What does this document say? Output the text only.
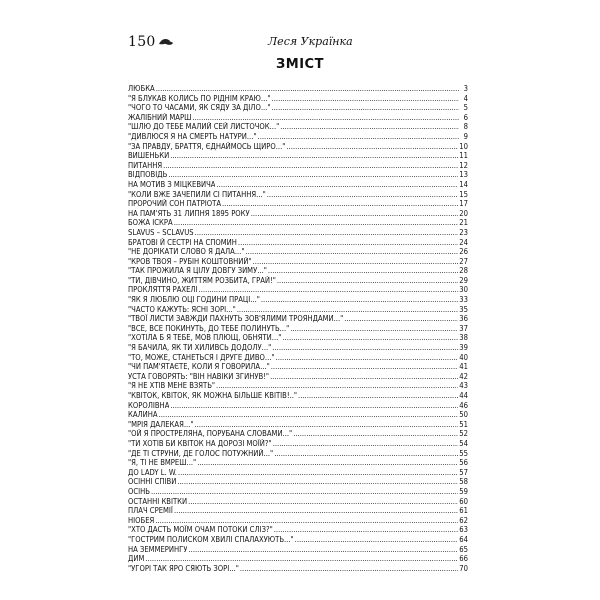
150	Леся Українка
ЗМІСТ
ЛЮБКА .....	3
"Я БЛУКАВ КОЛИСЬ ПО РІДНІМ КРАЮ..." .....	4
"ЧОГО ТО ЧАСАМИ, ЯК СЯДУ ЗА ДІЛО..." .....	5
ЖАЛІБНИЙ МАРШ .....	6
"ШЛЮ ДО ТЕБЕ МАЛИЙ СЕЙ ЛИСТОЧОК..." .....	8
"ДИВЛЮСЯ Я НА СМЕРТЬ НАТУРИ..." .....	9
"ЗА ПРАВДУ, БРАТТЯ, ЄДНАЙМОСЬ ЩИРО..." .....	10
ВИШЕНЬКИ .....	11
ПИТАННЯ .....	12
ВІДПОВІДЬ .....	13
НА МОТИВ З МІЦКЕВИЧА .....	14
"КОЛИ ВЖЕ ЗАЧЕПИЛИ СІ ПИТАННЯ..." .....	15
ПРОРОЧИЙ СОН ПАТРІОТА .....	17
НА ПАМ'ЯТЬ 31 ЛИПНЯ 1895 РОКУ .....	20
БОЖА ІСКРА .....	21
SLAVUS – SCLAVUS .....	23
БРАТОВІ Й СЕСТРІ НА СПОМИН .....	24
"НЕ ДОРІКАТИ СЛОВО Я ДАЛА..." .....	26
"КРОВ ТВОЯ – РУБІН КОШТОВНИЙ" .....	27
"ТАК ПРОЖИЛА Я ЦІЛУ ДОВГУ ЗИМУ..." .....	28
"ТИ, ДІВЧИНО, ЖИТТЯМ РОЗБИТА, ГРАЙ!" .....	29
ПРОКЛЯТТЯ РАХЕЛІ .....	30
"ЯК Я ЛЮБЛЮ ОЦІ ГОДИНИ ПРАЦІ..." .....	33
"ЧАСТО КАЖУТЬ: ЯСНІ ЗОРІ..." .....	35
"ТВОЇ ЛИСТИ ЗАВЖДИ ПАХНУТЬ ЗОВ'ЯЛИМИ ТРОЯНДАМИ..." .....	36
"ВСЕ, ВСЕ ПОКИНУТЬ, ДО ТЕБЕ ПОЛИНУТЬ..." .....	37
"ХОТІЛА Б Я ТЕБЕ, МОВ ПЛЮЩ, ОБНЯТИ..." .....	38
"Я БАЧИЛА, ЯК ТИ ХИЛИВСЬ ДОДОЛУ..." .....	39
"ТО, МОЖЕ, СТАНЕТЬСЯ І ДРУГЕ ДИВО..." .....	40
"ЧИ ПАМ'ЯТАЄТЕ, КОЛИ Я ГОВОРИЛА..." .....	41
УСТА ГОВОРЯТЬ: "ВІН НАВІКИ ЗГИНУВ!" .....	42
"Я НЕ ХТІВ МЕНЕ ВЗЯТЬ" .....	43
"КВІТОК, КВІТОК, ЯК МОЖНА БІЛЬШЕ КВІТІВ!.." .....	44
КОРОЛІВНА .....	46
КАЛИНА .....	50
"МРІЯ ДАЛЕКАЯ..." .....	51
"ОЙ Я ПРОСТРЕЛЯНА, ПОРУБАНА СЛОВАМИ..." .....	52
"ТИ ХОТІВ БИ КВІТОК НА ДОРОЗІ МОЇЙ?" .....	54
"ДЕ ТІ СТРУНИ, ДЕ ГОЛОС ПОТУЖНИЙ..." .....	55
"Я, ТІ НЕ ВМРЕШ..." .....	56
ДО LADY L. W. .....	57
ОСІННІ СПІВИ .....	58
ОСІНЬ .....	59
ОСТАННІ КВІТКИ .....	60
ПЛАЧ СРЕМІЇ .....	61
НІОБЕЯ .....	62
"ХТО ДАСТЬ МОЇМ ОЧАМ ПОТОКИ СЛІЗ?" .....	63
"ГОСТРИМ ПОЛИСКОМ ХВИЛІ СПАЛАХУЮТЬ..." .....	64
НА ЗЕММЕРИНГУ .....	65
ДИМ .....	66
"УГОРІ ТАК ЯРО СЯЮТЬ ЗОРІ..." .....	70
